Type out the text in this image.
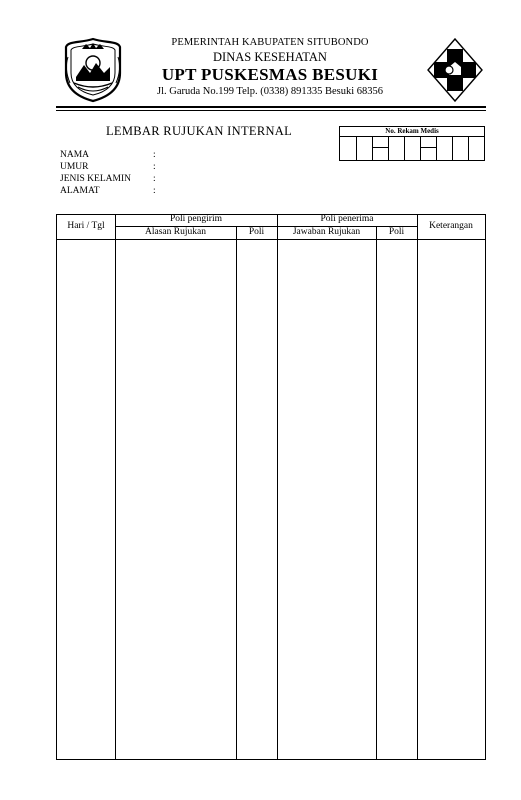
PEMERINTAH KABUPATEN SITUBONDO
DINAS KESEHATAN
UPT PUSKESMAS BESUKI
Jl. Garuda No.199 Telp. (0338) 891335 Besuki 68356
LEMBAR RUJUKAN INTERNAL
NAMA	:
UMUR	:
JENIS KELAMIN :
ALAMAT	:
No. Rekam Medis
Hari / Tgl
Poli pengirim
Alasan Rujukan	Poli
Poli penerima
Jawaban Rujukan	Poli
Keterangan
